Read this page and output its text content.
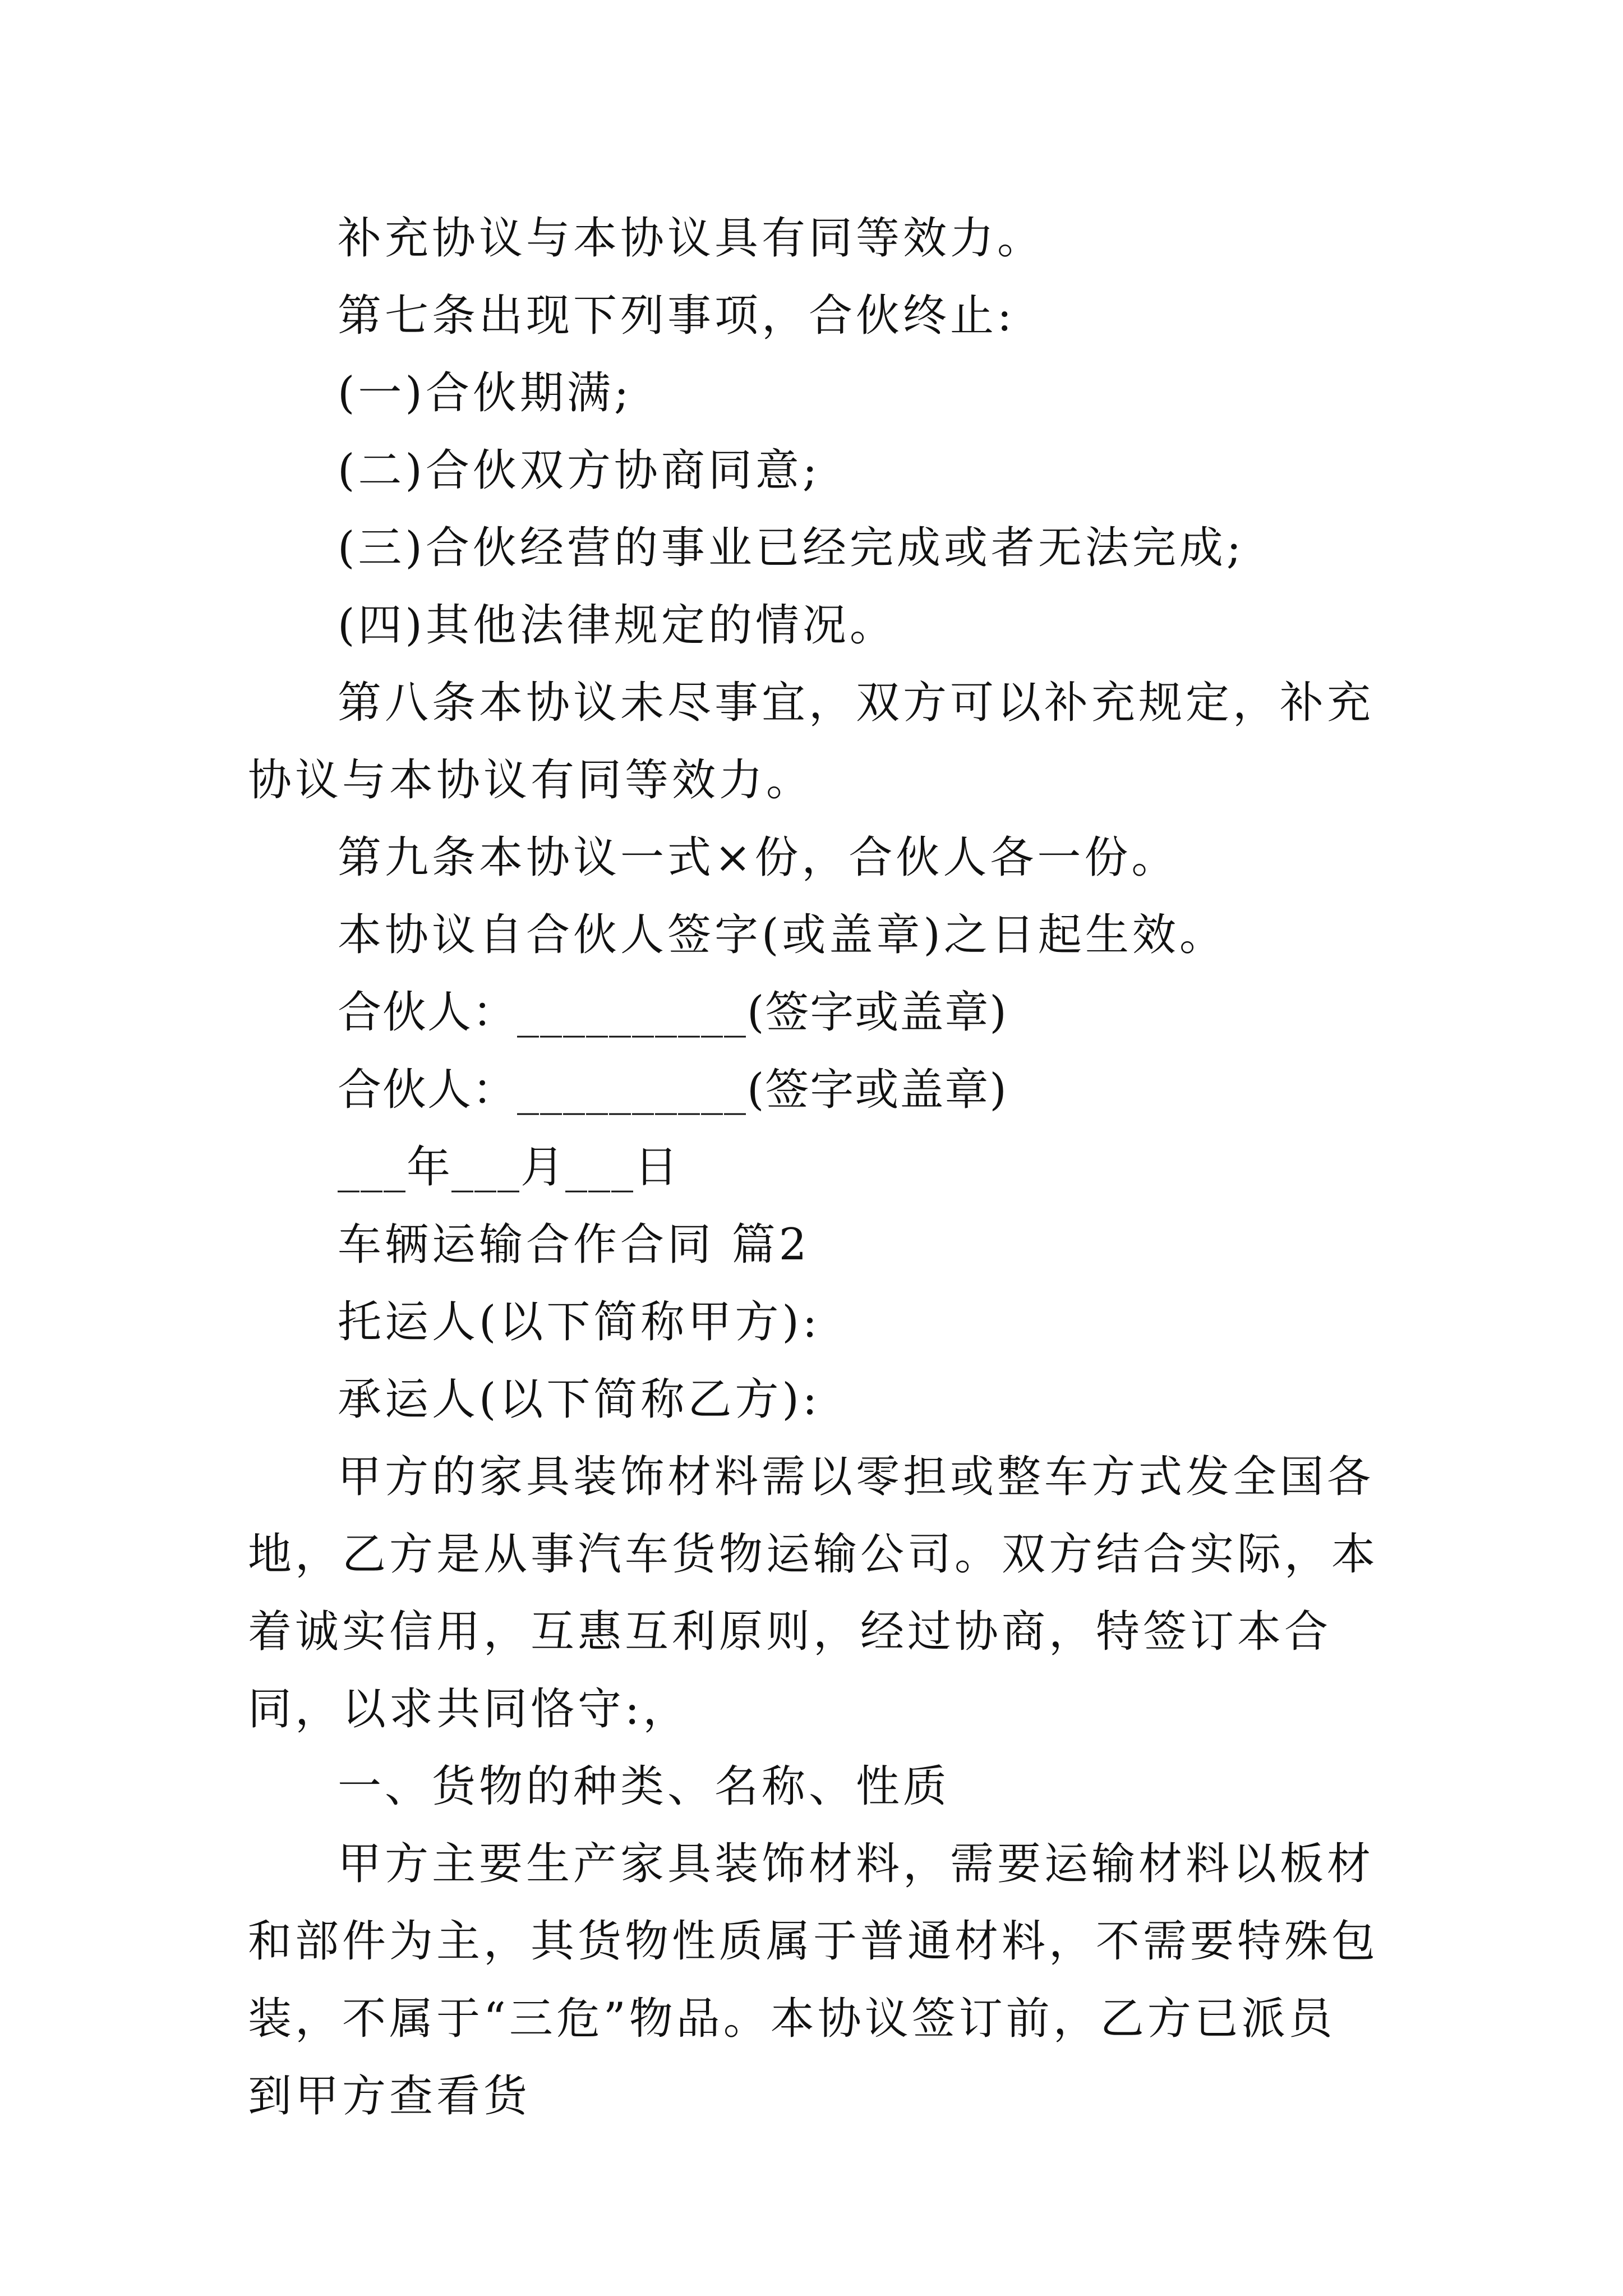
补充协议与本协议具有同等效力。

第七条出现下列事项，合伙终止:

(一)合伙期满;

(二)合伙双方协商同意;

(三)合伙经营的事业已经完成或者无法完成;

(四)其他法律规定的情况。

第八条本协议未尽事宜，双方可以补充规定，补充协议与本协议有同等效力。

第九条本协议一式×份，合伙人各一份。

本协议自合伙人签字(或盖章)之日起生效。

合伙人：__________(签字或盖章)

合伙人：__________(签字或盖章)

___年___月___日

车辆运输合作合同 篇2

托运人(以下简称甲方):

承运人(以下简称乙方):

甲方的家具装饰材料需以零担或整车方式发全国各地，乙方是从事汽车货物运输公司。双方结合实际，本着诚实信用，互惠互利原则，经过协商，特签订本合同，以求共同恪守:，

一、货物的种类、名称、性质

甲方主要生产家具装饰材料，需要运输材料以板材和部件为主，其货物性质属于普通材料，不需要特殊包装，不属于“三危”物品。本协议签订前，乙方已派员到甲方查看货
